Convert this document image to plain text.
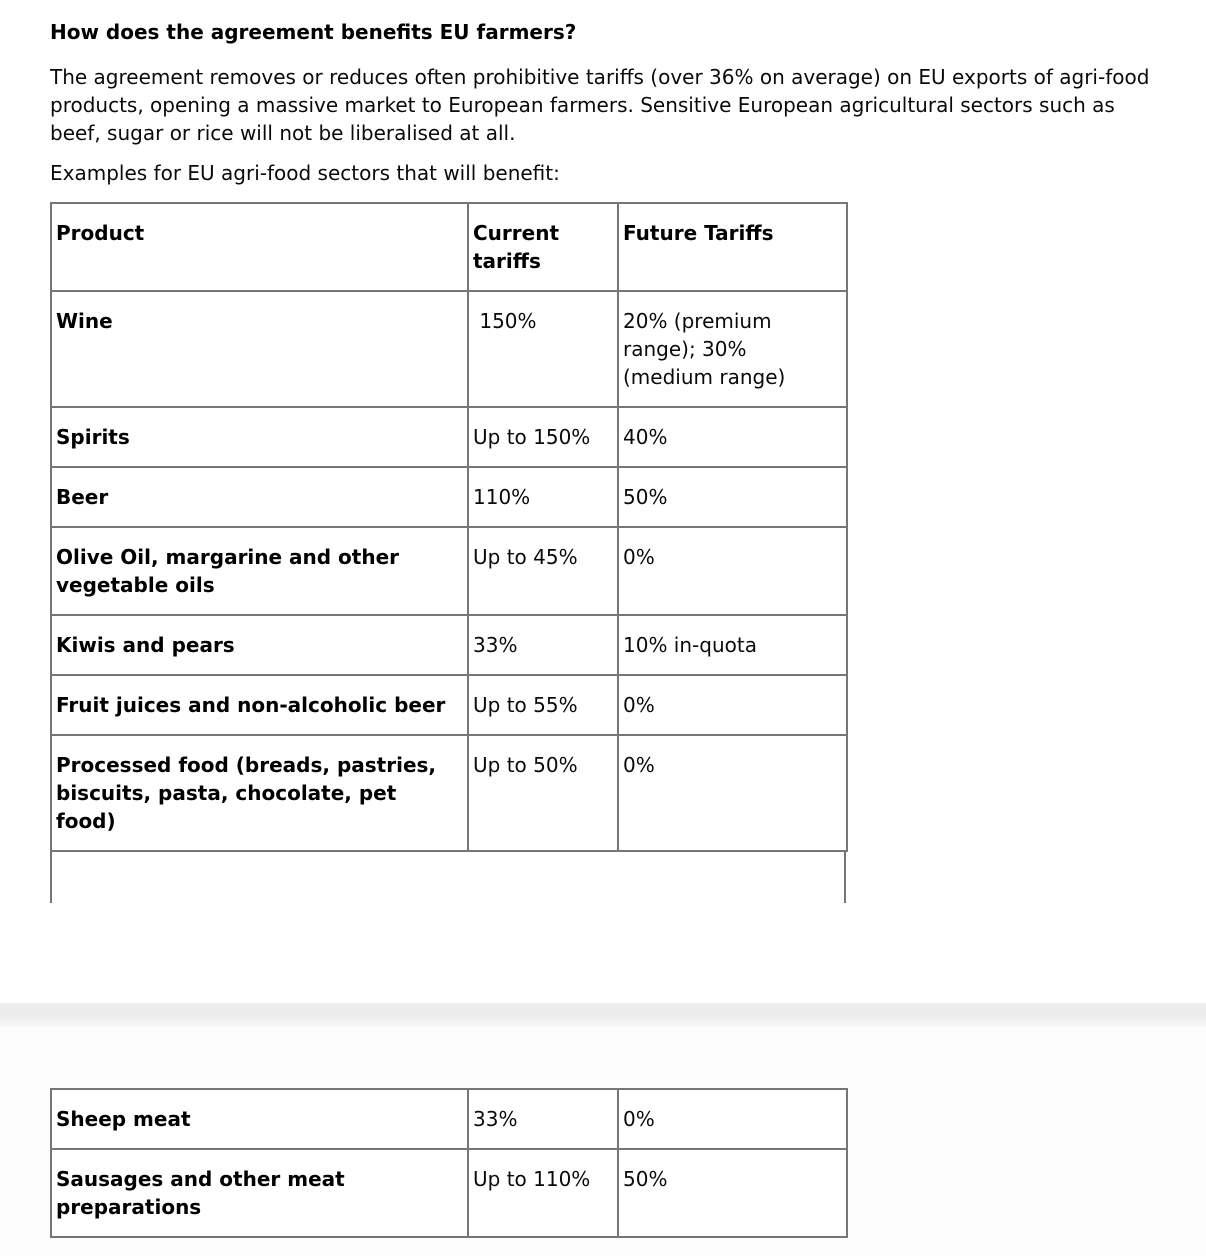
How does the agreement benefits EU farmers?

The agreement removes or reduces often prohibitive tariffs (over 36% on average) on EU exports of agri-food products, opening a massive market to European farmers. Sensitive European agricultural sectors such as beef, sugar or rice will not be liberalised at all.

Examples for EU agri-food sectors that will benefit:

Product	Current tariffs	Future Tariffs
Wine	150%	20% (premium range); 30% (medium range)
Spirits	Up to 150%	40%
Beer	110%	50%
Olive Oil, margarine and other vegetable oils	Up to 45%	0%
Kiwis and pears	33%	10% in-quota
Fruit juices and non-alcoholic beer	Up to 55%	0%
Processed food (breads, pastries, biscuits, pasta, chocolate, pet food)	Up to 50%	0%
Sheep meat	33%	0%
Sausages and other meat preparations	Up to 110%	50%
